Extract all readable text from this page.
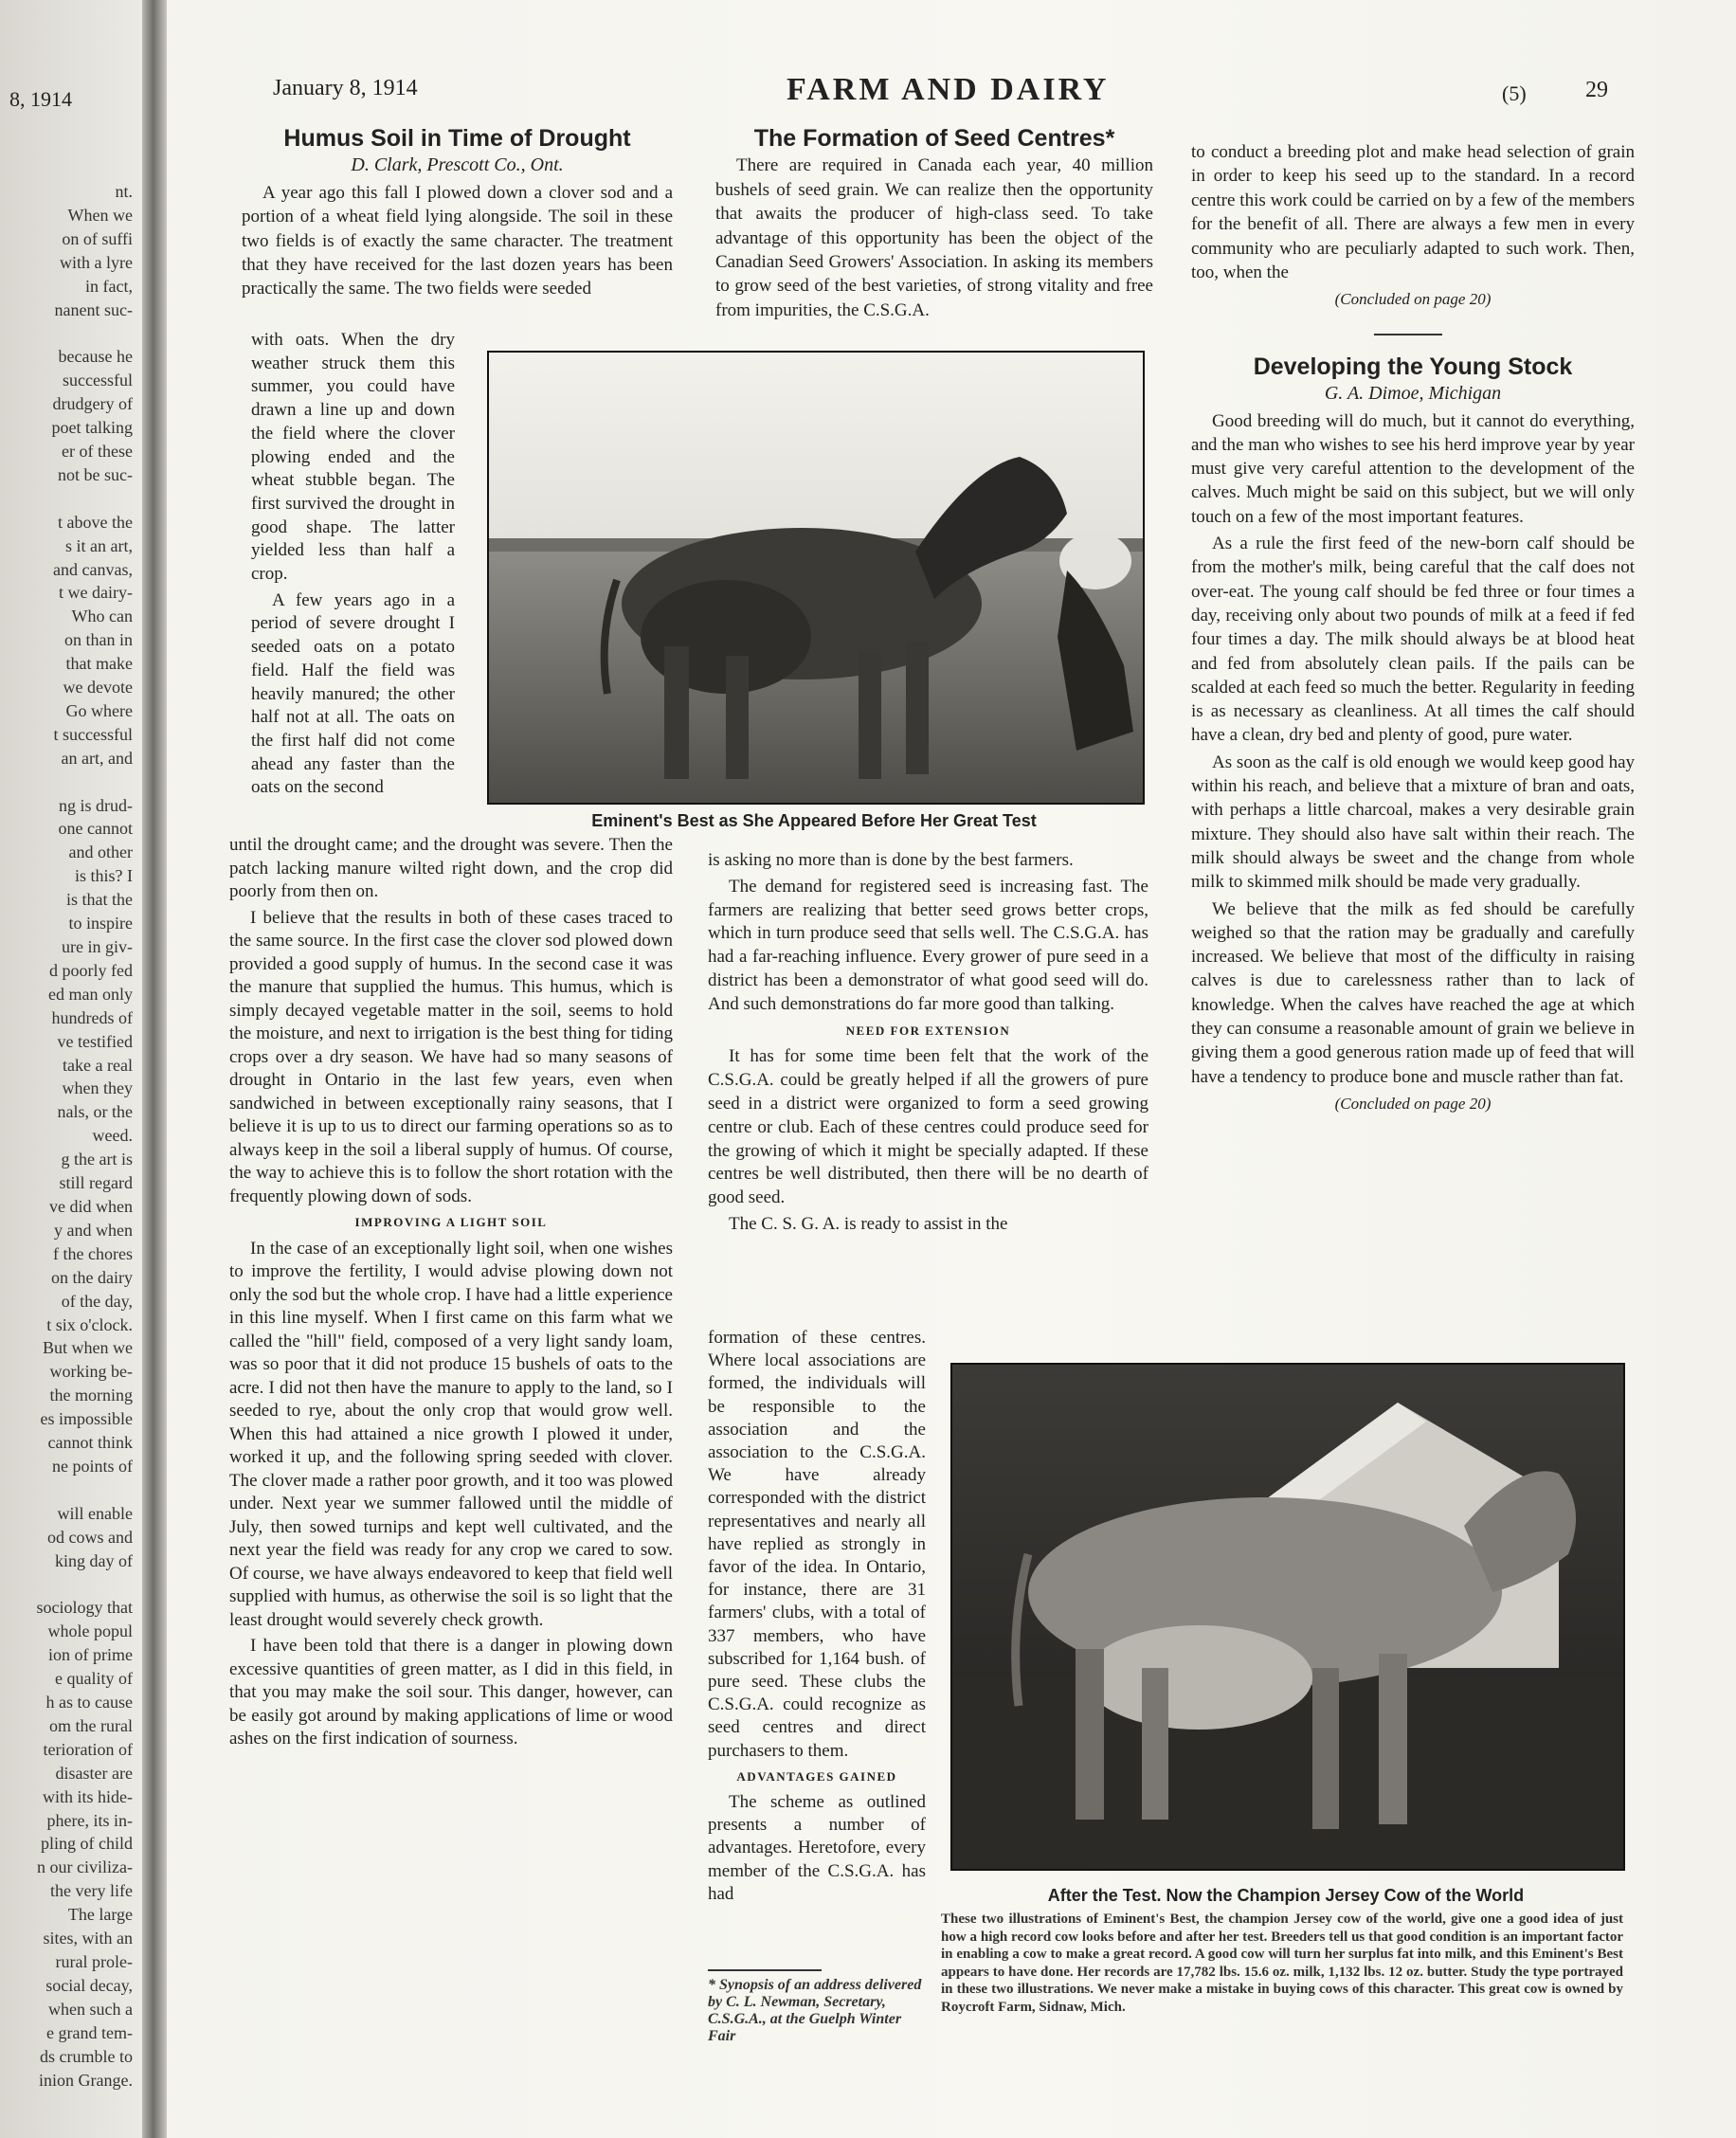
8, 1914
nt.
When we
on of suffi
with a lyre
in fact,
nanent suc-

because he
successful
drudgery of
poet talking
er of these
not be suc-

t above the
s it an art,
and canvas,
t we dairy-
Who can
on than in
that make
we devote
Go where
t successful
an art, and

ng is drud-
one cannot
and other
is this? I
is that the
to inspire
ure in giv-
d poorly fed
ed man only
hundreds of
ve testified
take a real
when they
nals, or the
weed.
g the art is
still regard
ve did when
y and when
f the chores
on the dairy
of the day,
t six o'clock.
But when we
working be-
the morning
es impossible
cannot think
ne points of

will enable
od cows and
king day of

sociology that
whole popul
ion of prime
e quality of
h as to cause
om the rural
terioration of
disaster are
with its hide-
phere, its in-
pling of child
n our civiliza-
the very life
The large
sites, with an
rural prole-
social decay,
when such a
e grand tem-
ds crumble to
inion Grange.
January 8, 1914	FARM AND DAIRY	(5)	29

Humus Soil in Time of Drought

D. Clark, Prescott Co., Ont.

A year ago this fall I plowed down a clover sod and a portion of a wheat field lying alongside. The soil in these two fields is of exactly the same character. The treatment that they have received for the last dozen years has been practically the same. The two fields were seeded

with oats. When the dry weather struck them this summer, you could have drawn a line up and down the field where the clover plowing ended and the wheat stubble began. The first survived the drought in good shape. The latter yielded less than half a crop.

A few years ago in a period of severe drought I seeded oats on a potato field. Half the field was heavily manured; the other half not at all. The oats on the first half did not come ahead any faster than the oats on the second

until the drought came; and the drought was severe. Then the patch lacking manure wilted right down, and the crop did poorly from then on.

I believe that the results in both of these cases traced to the same source. In the first case the clover sod plowed down provided a good supply of humus. In the second case it was the manure that supplied the humus. This humus, which is simply decayed vegetable matter in the soil, seems to hold the moisture, and next to irrigation is the best thing for tiding crops over a dry season. We have had so many seasons of drought in Ontario in the last few years, even when sandwiched in between exceptionally rainy seasons, that I believe it is up to us to direct our farming operations so as to always keep in the soil a liberal supply of humus. Of course, the way to achieve this is to follow the short rotation with the frequently plowing down of sods.

IMPROVING A LIGHT SOIL

In the case of an exceptionally light soil, when one wishes to improve the fertility, I would advise plowing down not only the sod but the whole crop. I have had a little experience in this line myself. When I first came on this farm what we called the "hill" field, composed of a very light sandy loam, was so poor that it did not produce 15 bushels of oats to the acre. I did not then have the manure to apply to the land, so I seeded to rye, about the only crop that would grow well. When this had attained a nice growth I plowed it under, worked it up, and the following spring seeded with clover. The clover made a rather poor growth, and it too was plowed under. Next year we summer fallowed until the middle of July, then sowed turnips and kept well cultivated, and the next year the field was ready for any crop we cared to sow. Of course, we have always endeavored to keep that field well supplied with humus, as otherwise the soil is so light that the least drought would severely check growth.

I have been told that there is a danger in plowing down excessive quantities of green matter, as I did in this field, in that you may make the soil sour. This danger, however, can be easily got around by making applications of lime or wood ashes on the first indication of sourness.

Eminent's Best as She Appeared Before Her Great Test

The Formation of Seed Centres*

There are required in Canada each year, 40 million bushels of seed grain. We can realize then the opportunity that awaits the producer of high-class seed. To take advantage of this opportunity has been the object of the Canadian Seed Growers' Association. In asking its members to grow seed of the best varieties, of strong vitality and free from impurities, the C.S.G.A.

is asking no more than is done by the best farmers.

The demand for registered seed is increasing fast. The farmers are realizing that better seed grows better crops, which in turn produce seed that sells well. The C.S.G.A. has had a far-reaching influence. Every grower of pure seed in a district has been a demonstrator of what good seed will do. And such demonstrations do far more good than talking.

NEED FOR EXTENSION

It has for some time been felt that the work of the C.S.G.A. could be greatly helped if all the growers of pure seed in a district were organized to form a seed growing centre or club. Each of these centres could produce seed for the growing of which it might be specially adapted. If these centres be well distributed, then there will be no dearth of good seed.

The C. S. G. A. is ready to assist in the

formation of these centres. Where local associations are formed, the individuals will be responsible to the association and the association to the C.S.G.A. We have already corresponded with the district representatives and nearly all have replied as strongly in favor of the idea. In Ontario, for instance, there are 31 farmers' clubs, with a total of 337 members, who have subscribed for 1,164 bush. of pure seed. These clubs the C.S.G.A. could recognize as seed centres and direct purchasers to them.

ADVANTAGES GAINED

The scheme as outlined presents a number of advantages. Heretofore, every member of the C.S.G.A. has had

* Synopsis of an address delivered by C. L. Newman, Secretary, C.S.G.A., at the Guelph Winter Fair

to conduct a breeding plot and make head selection of grain in order to keep his seed up to the standard. In a record centre this work could be carried on by a few of the members for the benefit of all. There are always a few men in every community who are peculiarly adapted to such work. Then, too, when the

(Concluded on page 20)

Developing the Young Stock

G. A. Dimoe, Michigan

Good breeding will do much, but it cannot do everything, and the man who wishes to see his herd improve year by year must give very careful attention to the development of the calves. Much might be said on this subject, but we will only touch on a few of the most important features.

As a rule the first feed of the new-born calf should be from the mother's milk, being careful that the calf does not over-eat. The young calf should be fed three or four times a day, receiving only about two pounds of milk at a feed if fed four times a day. The milk should always be at blood heat and fed from absolutely clean pails. If the pails can be scalded at each feed so much the better. Regularity in feeding is as necessary as cleanliness. At all times the calf should have a clean, dry bed and plenty of good, pure water.

As soon as the calf is old enough we would keep good hay within his reach, and believe that a mixture of bran and oats, with perhaps a little charcoal, makes a very desirable grain mixture. They should also have salt within their reach. The milk should always be sweet and the change from whole milk to skimmed milk should be made very gradually.

We believe that the milk as fed should be carefully weighed so that the ration may be gradually and carefully increased. We believe that most of the difficulty in raising calves is due to carelessness rather than to lack of knowledge. When the calves have reached the age at which they can consume a reasonable amount of grain we believe in giving them a good generous ration made up of feed that will have a tendency to produce bone and muscle rather than fat.

(Concluded on page 20)

After the Test. Now the Champion Jersey Cow of the World
These two illustrations of Eminent's Best, the champion Jersey cow of the world, give one a good idea of just how a high record cow looks before and after her test. Breeders tell us that good condition is an important factor in enabling a cow to make a great record. A good cow will turn her surplus fat into milk, and this Eminent's Best appears to have done. Her records are 17,782 lbs. 15.6 oz. milk, 1,132 lbs. 12 oz. butter. Study the type portrayed in these two illustrations. We never make a mistake in buying cows of this character. This great cow is owned by Roycroft Farm, Sidnaw, Mich.
